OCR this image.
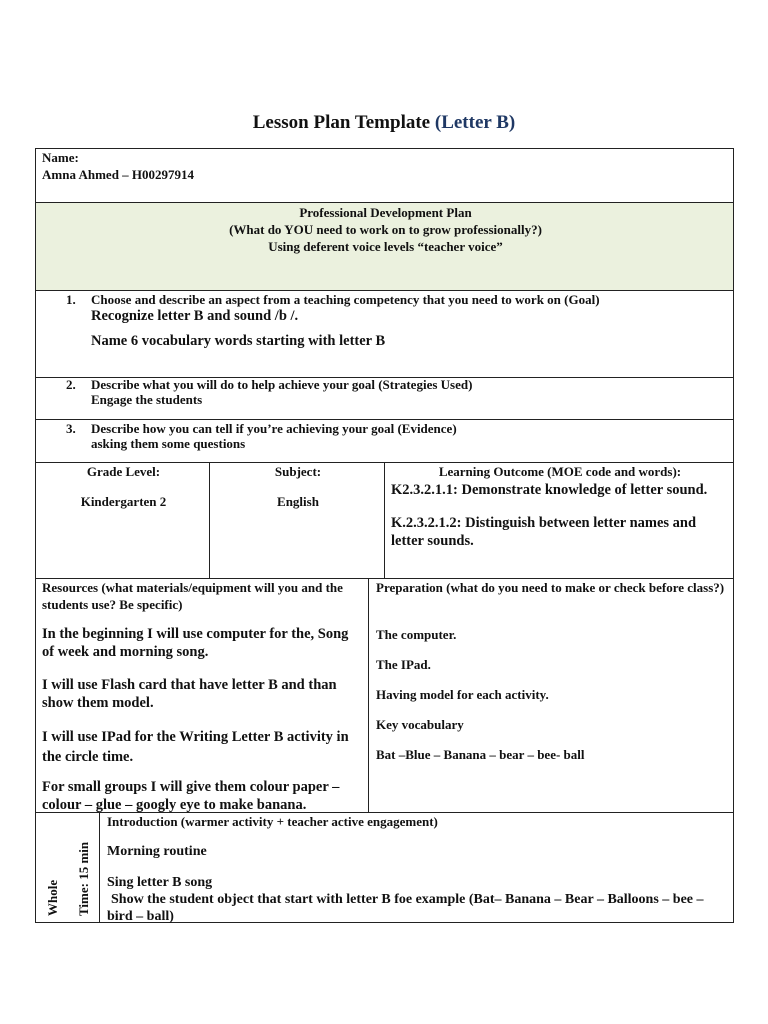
Lesson Plan Template (Letter B)
Name:
Amna Ahmed – H00297914
Professional Development Plan
(What do YOU need to work on to grow professionally?)
Using deferent voice levels “teacher voice”
1. Choose and describe an aspect from a teaching competency that you need to work on (Goal)
Recognize letter B and sound /b /.
Name 6 vocabulary words starting with letter B
2. Describe what you will do to help achieve your goal (Strategies Used)
Engage the students
3. Describe how you can tell if you’re achieving your goal (Evidence)
asking them some questions
Grade Level:
Kindergarten 2
Subject:
English
Learning Outcome (MOE code and words):
K2.3.2.1.1: Demonstrate knowledge of letter sound.
K.2.3.2.1.2: Distinguish between letter names and letter sounds.
Resources (what materials/equipment will you and the students use? Be specific)
In the beginning I will use computer for the, Song of week and morning song.
I will use Flash card that have letter B and than show them model.
I will use IPad for the Writing Letter B activity in the circle time.
For small groups I will give them colour paper – colour – glue – googly eye to make banana.
Preparation (what do you need to make or check before class?)
The computer.
The IPad.
Having model for each activity.
Key vocabulary
Bat –Blue – Banana – bear – bee- ball
Whole Time: 15 min
Introduction (warmer activity + teacher active engagement)
Morning routine
Sing letter B song
Show the student object that start with letter B foe example (Bat– Banana – Bear – Balloons – bee – bird – ball)
